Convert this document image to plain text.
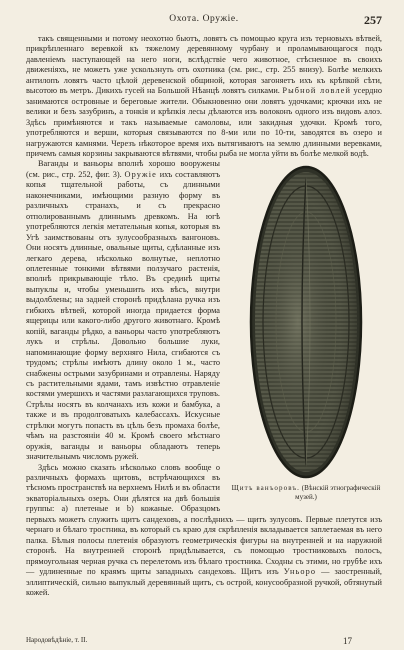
Охота. Оружіе.	257

такъ священными и потому неохотно бьютъ, ловятъ съ помощью круга изъ терновыхъ вѣтвей, прикрѣпленнаго веревкой къ тяжелому деревянному чурбану и проламывающагося подъ давленіемъ наступающей на него ноги, вслѣдствіе чего животное, стѣсненное въ своихъ движеніяхъ, не можетъ уже ускользнуть отъ охотника (см. рис., стр. 255 внизу). Болѣе мелкихъ антилопъ ловятъ часто цѣлой деревенской общиной, которая загоняетъ ихъ къ крѣпкой сѣти, высотою въ метръ. Дикихъ гусей на Большой Нѣанцѣ ловятъ силками. Рыбной ловлей усердно занимаются островные и береговые жители. Обыкновенно они ловятъ удочками; крючки ихъ не велики и безъ зазубринъ, а тонкія и крѣпкія лесы дѣлаются изъ волоконъ одного изъ видовъ алоэ. Здѣсь примѣняются и такъ называемые самоловы, или закидныя удочки. Кромѣ того, употребляются и верши, которыя связываются по 8-ми или по 10-ти, заводятся въ озеро и нагружаются камнями. Черезъ нѣкоторое время ихъ вытягиваютъ на землю длинными веревками, причемъ самыя корзины закрываются вѣтвями, чтобы рыба не могла уйти въ болѣе мелкой водѣ.

Щитъ ванъоровъ. (Вѣнскій этнографическій музей.)

Ваганды и ваньоры вполнѣ хорошо вооружены (см. рис., стр. 252, фиг. 3). Оружіе ихъ составляютъ копья тщательной работы, съ длинными наконечниками, имѣющими разную форму въ различныхъ странахъ, и съ прекрасно отполированнымъ длиннымъ древкомъ. На югѣ употребляются легкія метательныя копья, которыя въ Угѣ заимствованы отъ зулусообразныхъ вангоновъ. Они носятъ длинные, овальные щиты, сдѣланные изъ легкаго дерева, нѣсколько волнутые, неплотно оплетенные тонкими вѣтвями ползучаго растенія, вполнѣ прикрывающіе тѣло. Въ срединѣ щиты выпуклы и, чтобы уменьшить ихъ вѣсъ, внутри выдолблены; на задней сторонѣ придѣлана ручка изъ гибкихъ вѣтвей, которой иногда придается форма ящерицы или какого-либо другого животнаго. Кромѣ копій, ваганды рѣдко, а ваньоры часто употребляютъ лукъ и стрѣлы. Довольно большие луки, напоминающие форму верхняго Нила, сгибаются съ трудомъ; стрѣлы имѣютъ длину около 1 м., часто снабжены острыми зазубринами и отравлены. Наряду съ растительными ядами, тамъ извѣстно отравленіе костями умершихъ и частями разлагающихся труповъ. Стрѣлы носятъ въ колчанахъ изъ кожи и бамбука, а также и въ продолговатыхъ калебассахъ. Искусные стрѣлки могутъ попасть въ цѣль безъ промаха болѣе, чѣмъ на разстояніи 40 м. Кромѣ своего мѣстнаго оружія, ваганды и ваньоры обладаютъ теперь значительнымъ числомъ ружей.

Здѣсь можно сказать нѣсколько словъ вообще о различныхъ формахъ щитовъ, встрѣчающихся въ тѣсномъ пространствѣ на верхнемъ Нилѣ и въ области экваторіальныхъ озеръ. Они дѣлятся на двѣ большія группы: а) плетеные и b) кожаные. Образцомъ первыхъ можетъ служить щитъ сандеховъ, а послѣднихъ — щитъ зулусовъ. Первые плетутся изъ чернаго и бѣлаго тростника, въ который съ краю для скрѣпленія вкладывается заплетаемая въ него палка. Бѣлыя полосы плетенія образуютъ геометрическія фигуры на внутренней и на наружной сторонѣ. На внутренней сторонѣ придѣлывается, съ помощью тростниковыхъ полосъ, прямоугольная черная ручка съ перелетомъ изъ бѣлаго тростника. Сходны съ этими, но грубѣе ихъ — удлиненные по краямъ щиты западныхъ сандеховъ. Щитъ изъ Уньоро — заостренный, эллиптическій, сильно выпуклый деревянный щитъ, съ острой, конусообразной ручкой, обтянутый кожей.

Народовѣдѣніе, т. II.	17
